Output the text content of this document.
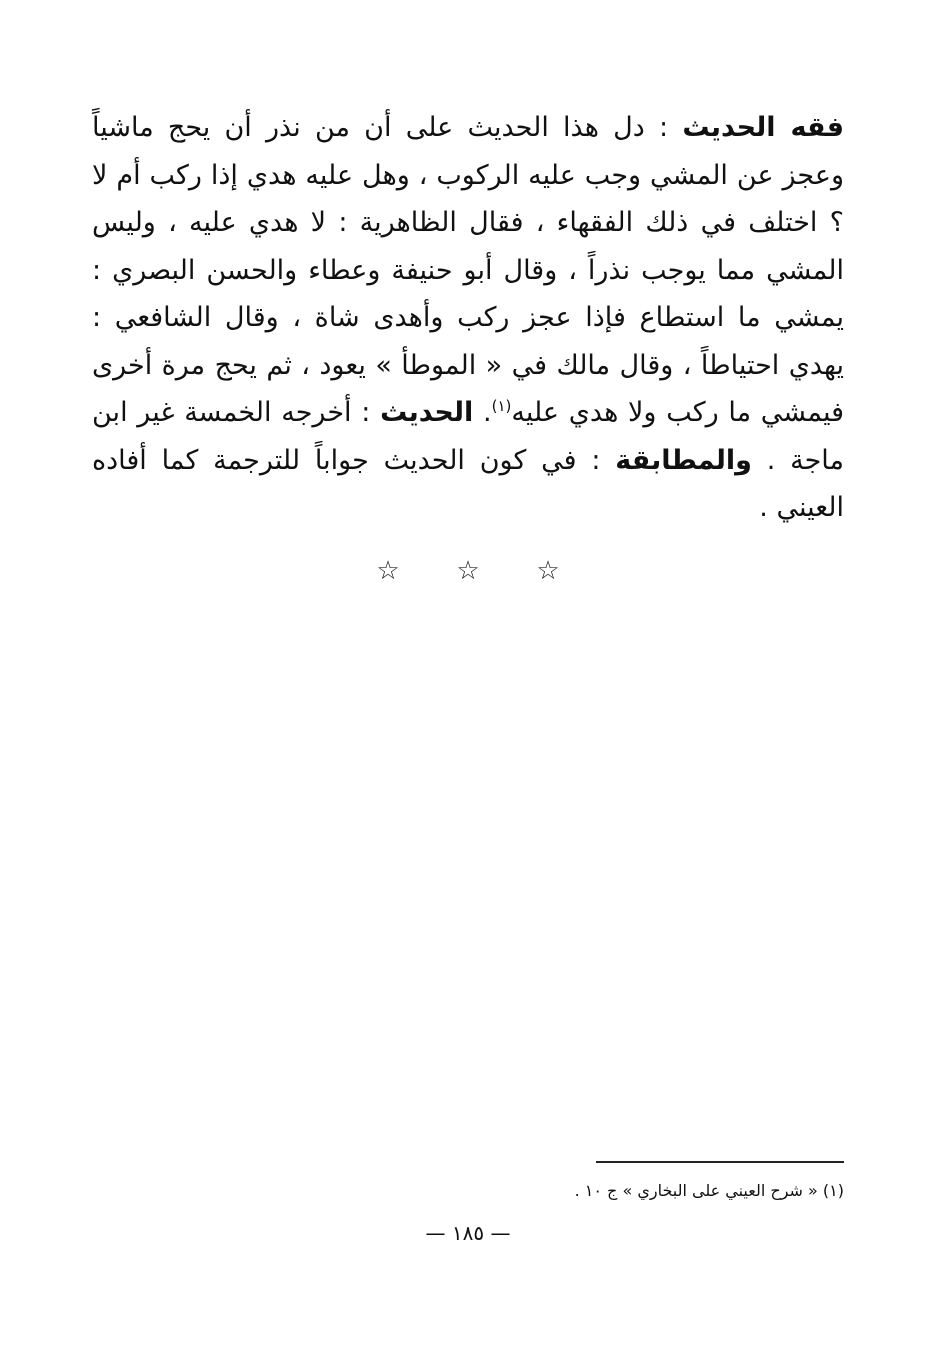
فقه الحديث : دل هذا الحديث على أن من نذر أن يحج ماشياً وعجز عن المشي وجب عليه الركوب ، وهل عليه هدي إذا ركب أم لا ؟ اختلف في ذلك الفقهاء ، فقال الظاهرية : لا هدي عليه ، وليس المشي مما يوجب نذراً ، وقال أبو حنيفة وعطاء والحسن البصري : يمشي ما استطاع فإذا عجز ركب وأهدى شاة ، وقال الشافعي : يهدي احتياطاً ، وقال مالك في « الموطأ » يعود ، ثم يحج مرة أخرى فيمشي ما ركب ولا هدي عليه$^{(١)}$. الحديث : أخرجه الخمسة غير ابن ماجة . والمطابقة : في كون الحديث جواباً للترجمة كما أفاده العيني .

☆
☆
☆

(١) « شرح العيني على البخاري » ج ١٠ .

— ١٨٥ —
